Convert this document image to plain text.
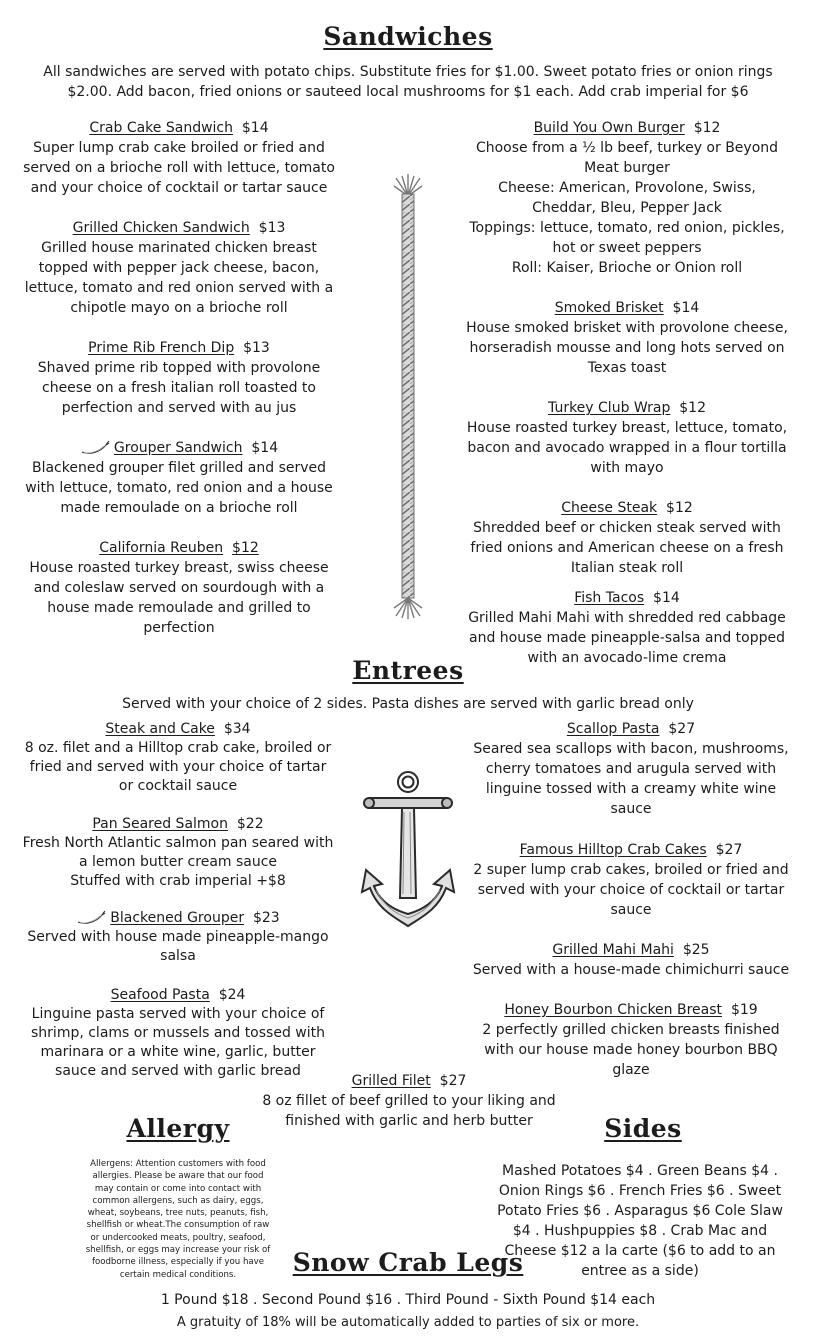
Sandwiches
All sandwiches are served with potato chips. Substitute fries for $1.00. Sweet potato fries or onion rings $2.00. Add bacon, fried onions or sauteed local mushrooms for $1 each. Add crab imperial for $6
Crab Cake Sandwich $14
Super lump crab cake broiled or fried and served on a brioche roll with lettuce, tomato and your choice of cocktail or tartar sauce
Grilled Chicken Sandwich $13
Grilled house marinated chicken breast topped with pepper jack cheese, bacon, lettuce, tomato and red onion served with a chipotle mayo on a brioche roll
Prime Rib French Dip $13
Shaved prime rib topped with provolone cheese on a fresh italian roll toasted to perfection and served with au jus
Grouper Sandwich $14
Blackened grouper filet grilled and served with lettuce, tomato, red onion and a house made remoulade on a brioche roll
California Reuben $12
House roasted turkey breast, swiss cheese and coleslaw served on sourdough with a house made remoulade and grilled to perfection
Build You Own Burger $12
Choose from a ½ lb beef, turkey or Beyond Meat burger
Cheese: American, Provolone, Swiss, Cheddar, Bleu, Pepper Jack
Toppings: lettuce, tomato, red onion, pickles, hot or sweet peppers
Roll: Kaiser, Brioche or Onion roll
Smoked Brisket $14
House smoked brisket with provolone cheese, horseradish mousse and long hots served on Texas toast
Turkey Club Wrap $12
House roasted turkey breast, lettuce, tomato, bacon and avocado wrapped in a flour tortilla with mayo
Cheese Steak $12
Shredded beef or chicken steak served with fried onions and American cheese on a fresh Italian steak roll
Fish Tacos $14
Grilled Mahi Mahi with shredded red cabbage and house made pineapple-salsa and topped with an avocado-lime crema
Entrees
Served with your choice of 2 sides. Pasta dishes are served with garlic bread only
Steak and Cake $34
8 oz. filet and a Hilltop crab cake, broiled or fried and served with your choice of tartar or cocktail sauce
Pan Seared Salmon $22
Fresh North Atlantic salmon pan seared with a lemon butter cream sauce
Stuffed with crab imperial +$8
Blackened Grouper $23
Served with house made pineapple-mango salsa
Seafood Pasta $24
Linguine pasta served with your choice of shrimp, clams or mussels and tossed with marinara or a white wine, garlic, butter sauce and served with garlic bread
Scallop Pasta $27
Seared sea scallops with bacon, mushrooms, cherry tomatoes and arugula served with linguine tossed with a creamy white wine sauce
Famous Hilltop Crab Cakes $27
2 super lump crab cakes, broiled or fried and served with your choice of cocktail or tartar sauce
Grilled Mahi Mahi $25
Served with a house-made chimichurri sauce
Honey Bourbon Chicken Breast $19
2 perfectly grilled chicken breasts finished with our house made honey bourbon BBQ glaze
Grilled Filet $27
8 oz fillet of beef grilled to your liking and finished with garlic and herb butter
Allergy
Allergens: Attention customers with food allergies. Please be aware that our food may contain or come into contact with common allergens, such as dairy, eggs, wheat, soybeans, tree nuts, peanuts, fish, shellfish or wheat.The consumption of raw or undercooked meats, poultry, seafood, shellfish, or eggs may increase your risk of foodborne illness, especially if you have certain medical conditions.
Sides
Mashed Potatoes $4 . Green Beans $4 . Onion Rings $6 . French Fries $6 . Sweet Potato Fries $6 . Asparagus $6 Cole Slaw $4 . Hushpuppies $8 . Crab Mac and Cheese $12 a la carte ($6 to add to an entree as a side)
Snow Crab Legs
1 Pound $18 . Second Pound $16 . Third Pound - Sixth Pound $14 each
A gratuity of 18% will be automatically added to parties of six or more.
